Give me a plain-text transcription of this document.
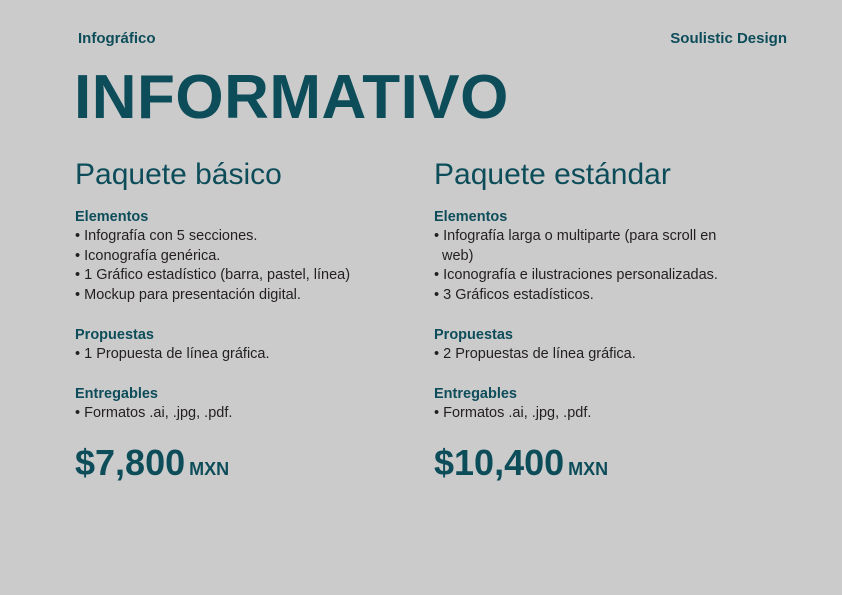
Infográfico	Soulistic Design
INFORMATIVO
Paquete básico
Elementos
• Infografía con 5 secciones.
• Iconografía genérica.
• 1 Gráfico estadístico (barra, pastel, línea)
• Mockup para presentación digital.
Propuestas
• 1 Propuesta de línea gráfica.
Entregables
• Formatos .ai, .jpg, .pdf.
$7,800 MXN
Paquete estándar
Elementos
• Infografía larga o multiparte (para scroll en web)
• Iconografía e ilustraciones personalizadas.
• 3 Gráficos estadísticos.
Propuestas
• 2 Propuestas de línea gráfica.
Entregables
• Formatos .ai, .jpg, .pdf.
$10,400 MXN
